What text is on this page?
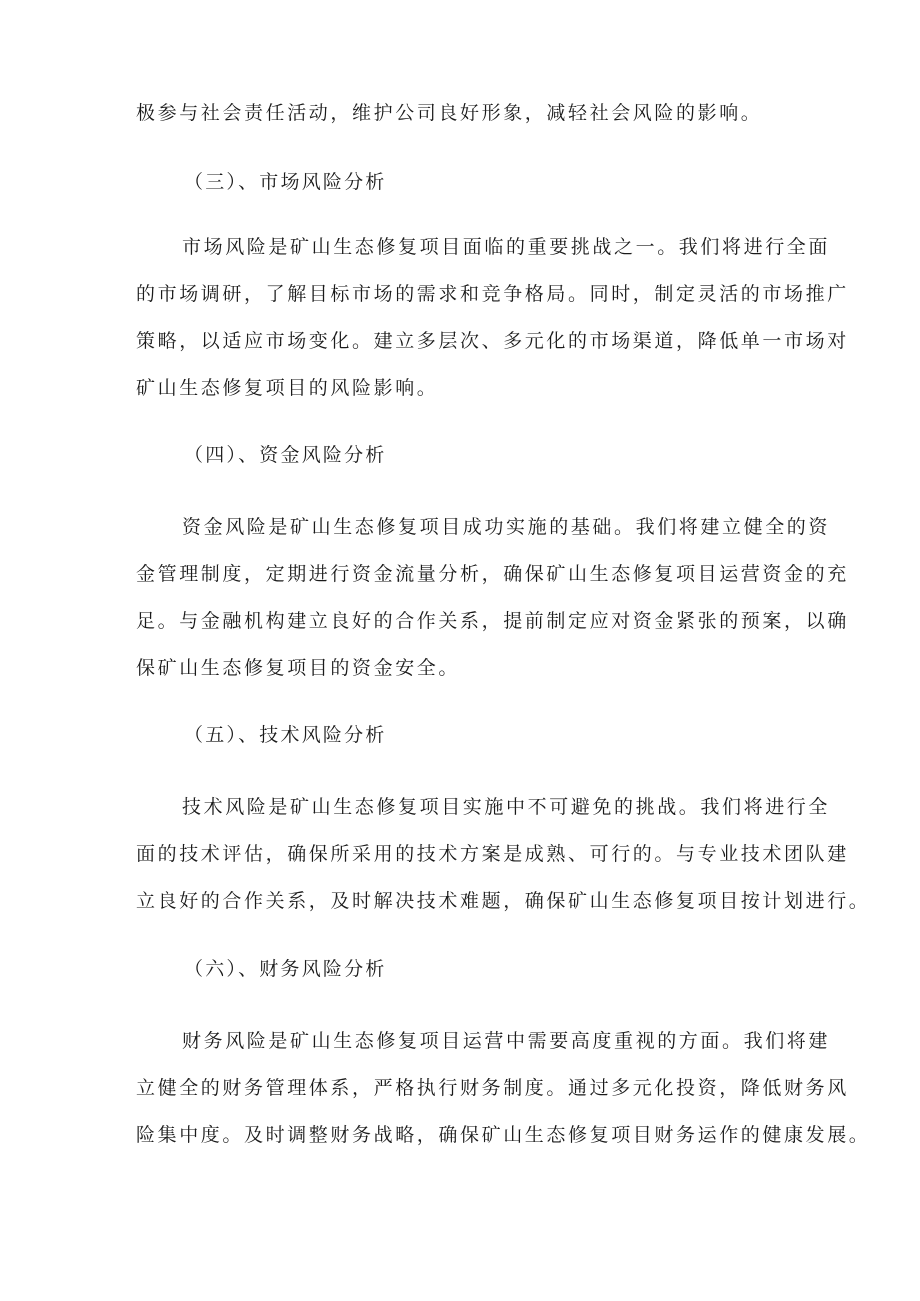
极参与社会责任活动，维护公司良好形象，减轻社会风险的影响。

（三）、市场风险分析

市场风险是矿山生态修复项目面临的重要挑战之一。我们将进行全面

的市场调研，了解目标市场的需求和竞争格局。同时，制定灵活的市场推广

策略，以适应市场变化。建立多层次、多元化的市场渠道，降低单一市场对

矿山生态修复项目的风险影响。

（四）、资金风险分析

资金风险是矿山生态修复项目成功实施的基础。我们将建立健全的资

金管理制度，定期进行资金流量分析，确保矿山生态修复项目运营资金的充

足。与金融机构建立良好的合作关系，提前制定应对资金紧张的预案，以确

保矿山生态修复项目的资金安全。

（五）、技术风险分析

技术风险是矿山生态修复项目实施中不可避免的挑战。我们将进行全

面的技术评估，确保所采用的技术方案是成熟、可行的。与专业技术团队建

立良好的合作关系，及时解决技术难题，确保矿山生态修复项目按计划进行。

（六）、财务风险分析

财务风险是矿山生态修复项目运营中需要高度重视的方面。我们将建

立健全的财务管理体系，严格执行财务制度。通过多元化投资，降低财务风

险集中度。及时调整财务战略，确保矿山生态修复项目财务运作的健康发展。
